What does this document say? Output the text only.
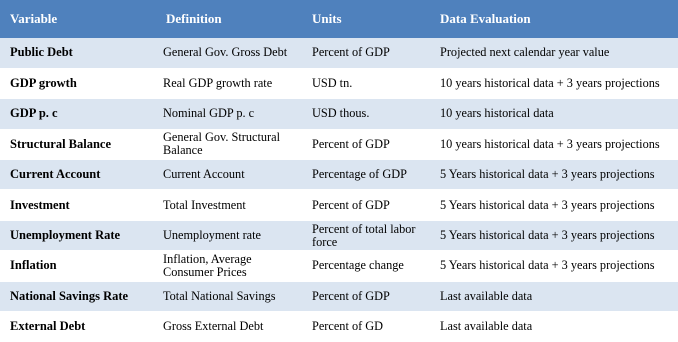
Variable	Definition	Units	Data Evaluation
Public Debt	General Gov. Gross Debt	Percent of GDP	Projected next calendar year value
GDP growth	Real GDP growth rate	USD tn.	10 years historical data + 3 years projections
GDP p. c	Nominal GDP p. c	USD thous.	10 years historical data
Structural Balance	General Gov. Structural Balance	Percent of GDP	10 years historical data + 3 years projections
Current Account	Current Account	Percentage of GDP	5 Years historical data + 3 years projections
Investment	Total Investment	Percent of GDP	5 Years historical data + 3 years projections
Unemployment Rate	Unemployment rate	Percent of total labor force	5 Years historical data + 3 years projections
Inflation	Inflation, Average Consumer Prices	Percentage change	5 Years historical data + 3 years projections
National Savings Rate	Total National Savings	Percent of GDP	Last available data
External Debt	Gross External Debt	Percent of GD	Last available data
